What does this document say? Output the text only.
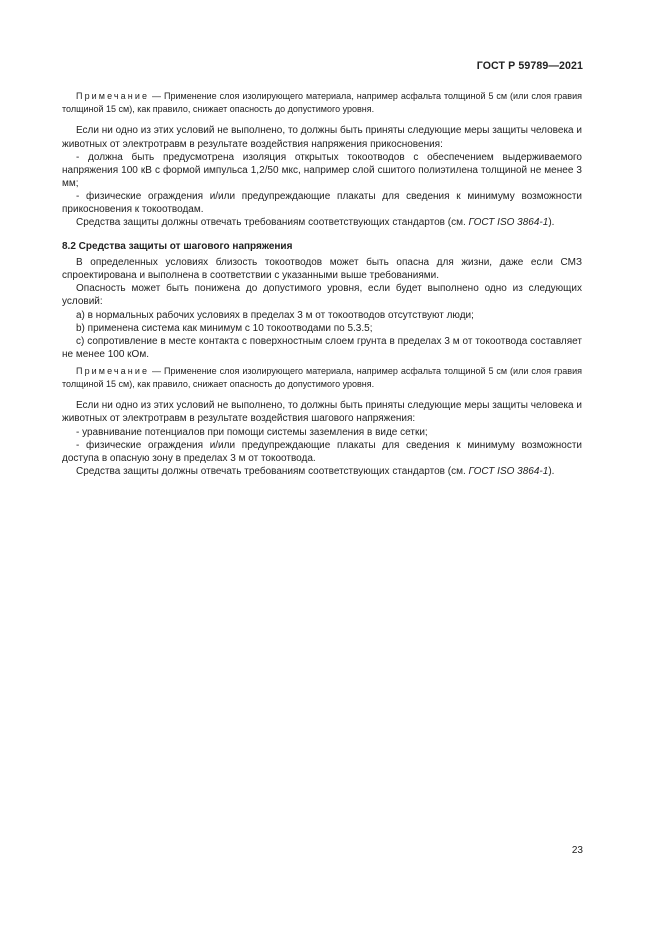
ГОСТ Р 59789—2021

Примечание — Применение слоя изолирующего материала, например асфальта толщиной 5 см (или слоя гравия толщиной 15 см), как правило, снижает опасность до допустимого уровня.

Если ни одно из этих условий не выполнено, то должны быть приняты следующие меры защиты человека и животных от электротравм в результате воздействия напряжения прикосновения:

- должна быть предусмотрена изоляция открытых токоотводов с обеспечением выдерживаемого напряжения 100 кВ с формой импульса 1,2/50 мкс, например слой сшитого полиэтилена толщиной не менее 3 мм;

- физические ограждения и/или предупреждающие плакаты для сведения к минимуму возможности прикосновения к токоотводам.

Средства защиты должны отвечать требованиям соответствующих стандартов (см. ГОСТ ISO 3864-1).

8.2 Средства защиты от шагового напряжения

В определенных условиях близость токоотводов может быть опасна для жизни, даже если СМЗ спроектирована и выполнена в соответствии с указанными выше требованиями.

Опасность может быть понижена до допустимого уровня, если будет выполнено одно из следующих условий:

а) в нормальных рабочих условиях в пределах 3 м от токоотводов отсутствуют люди;

b) применена система как минимум с 10 токоотводами по 5.3.5;

с) сопротивление в месте контакта с поверхностным слоем грунта в пределах 3 м от токоотвода составляет не менее 100 кОм.

Примечание — Применение слоя изолирующего материала, например асфальта толщиной 5 см (или слоя гравия толщиной 15 см), как правило, снижает опасность до допустимого уровня.

Если ни одно из этих условий не выполнено, то должны быть приняты следующие меры защиты человека и животных от электротравм в результате воздействия шагового напряжения:

- уравнивание потенциалов при помощи системы заземления в виде сетки;

- физические ограждения и/или предупреждающие плакаты для сведения к минимуму возможности доступа в опасную зону в пределах 3 м от токоотвода.

Средства защиты должны отвечать требованиям соответствующих стандартов (см. ГОСТ ISO 3864-1).

23
